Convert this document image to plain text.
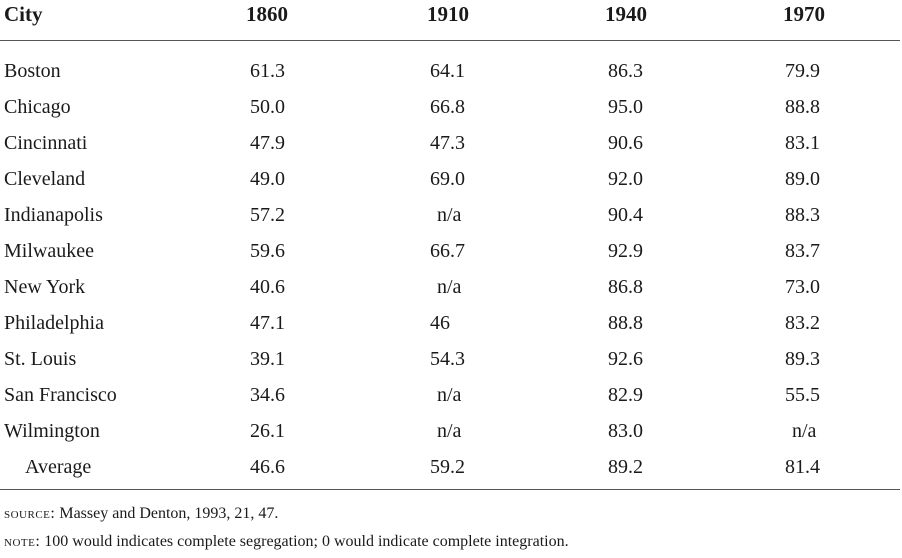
City	1860	1910	1940	1970
Boston	61.3	64.1	86.3	79.9
Chicago	50.0	66.8	95.0	88.8
Cincinnati	47.9	47.3	90.6	83.1
Cleveland	49.0	69.0	92.0	89.0
Indianapolis	57.2	n/a	90.4	88.3
Milwaukee	59.6	66.7	92.9	83.7
New York	40.6	n/a	86.8	73.0
Philadelphia	47.1	46	88.8	83.2
St. Louis	39.1	54.3	92.6	89.3
San Francisco	34.6	n/a	82.9	55.5
Wilmington	26.1	n/a	83.0	n/a
Average	46.6	59.2	89.2	81.4
source: Massey and Denton, 1993, 21, 47.
note: 100 would indicates complete segregation; 0 would indicate complete integration.
